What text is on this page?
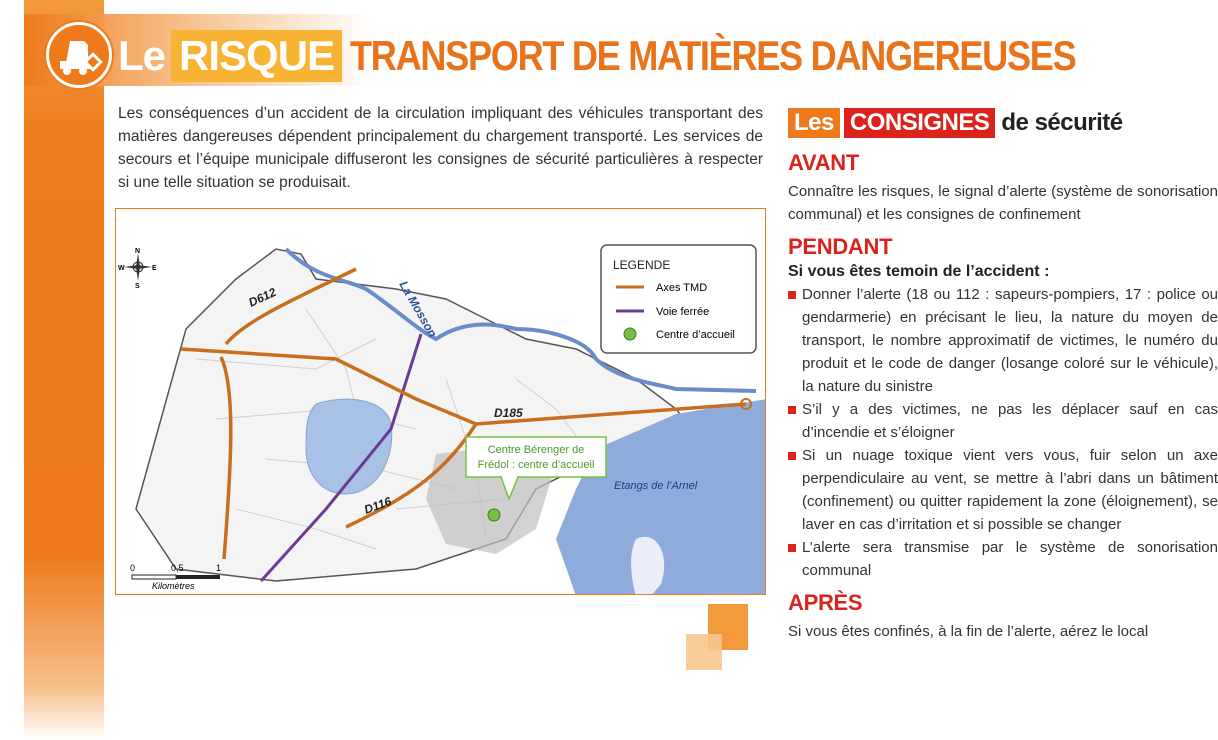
Le RISQUE TRANSPORT DE MATIÈRES DANGEREUSES

Les conséquences d’un accident de la circulation impliquant des véhicules transportant des matières dangereuses dépendent principalement du chargement transporté. Les services de secours et l’équipe municipale diffuseront les consignes de sécurité particulières à respecter si une telle situation se produisait.

D612
D185
D116
La Mosson
Etangs de l’Arnel
N
S
E
W	LEGENDE
Axes TMD
Voie ferrée
Centre d’accueil
Centre Bérenger de
Frédol : centre d’accueil
0	0,5	1
Kilomètres
Les CONSIGNES de sécurité
AVANT

Connaître les risques, le signal d’alerte (système de sonorisation communal) et les consignes de confinement

PENDANT
Si vous êtes temoin de l’accident :
Donner l’alerte (18 ou 112 : sapeurs-pompiers, 17 : police ou gendarmerie) en précisant le lieu, la nature du moyen de transport, le nombre approximatif de victimes, le numéro du produit et le code de danger (losange coloré sur le véhicule), la nature du sinistre
S’il y a des victimes, ne pas les déplacer sauf en cas d’incendie et s’éloigner
Si un nuage toxique vient vers vous, fuir selon un axe perpendiculaire au vent, se mettre à l’abri dans un bâtiment (confinement) ou quitter rapidement la zone (éloignement), se laver en cas d’irritation et si possible se changer
L’alerte sera transmise par le système de sonorisation communal
APRÈS

Si vous êtes confinés, à la fin de l’alerte, aérez le local
